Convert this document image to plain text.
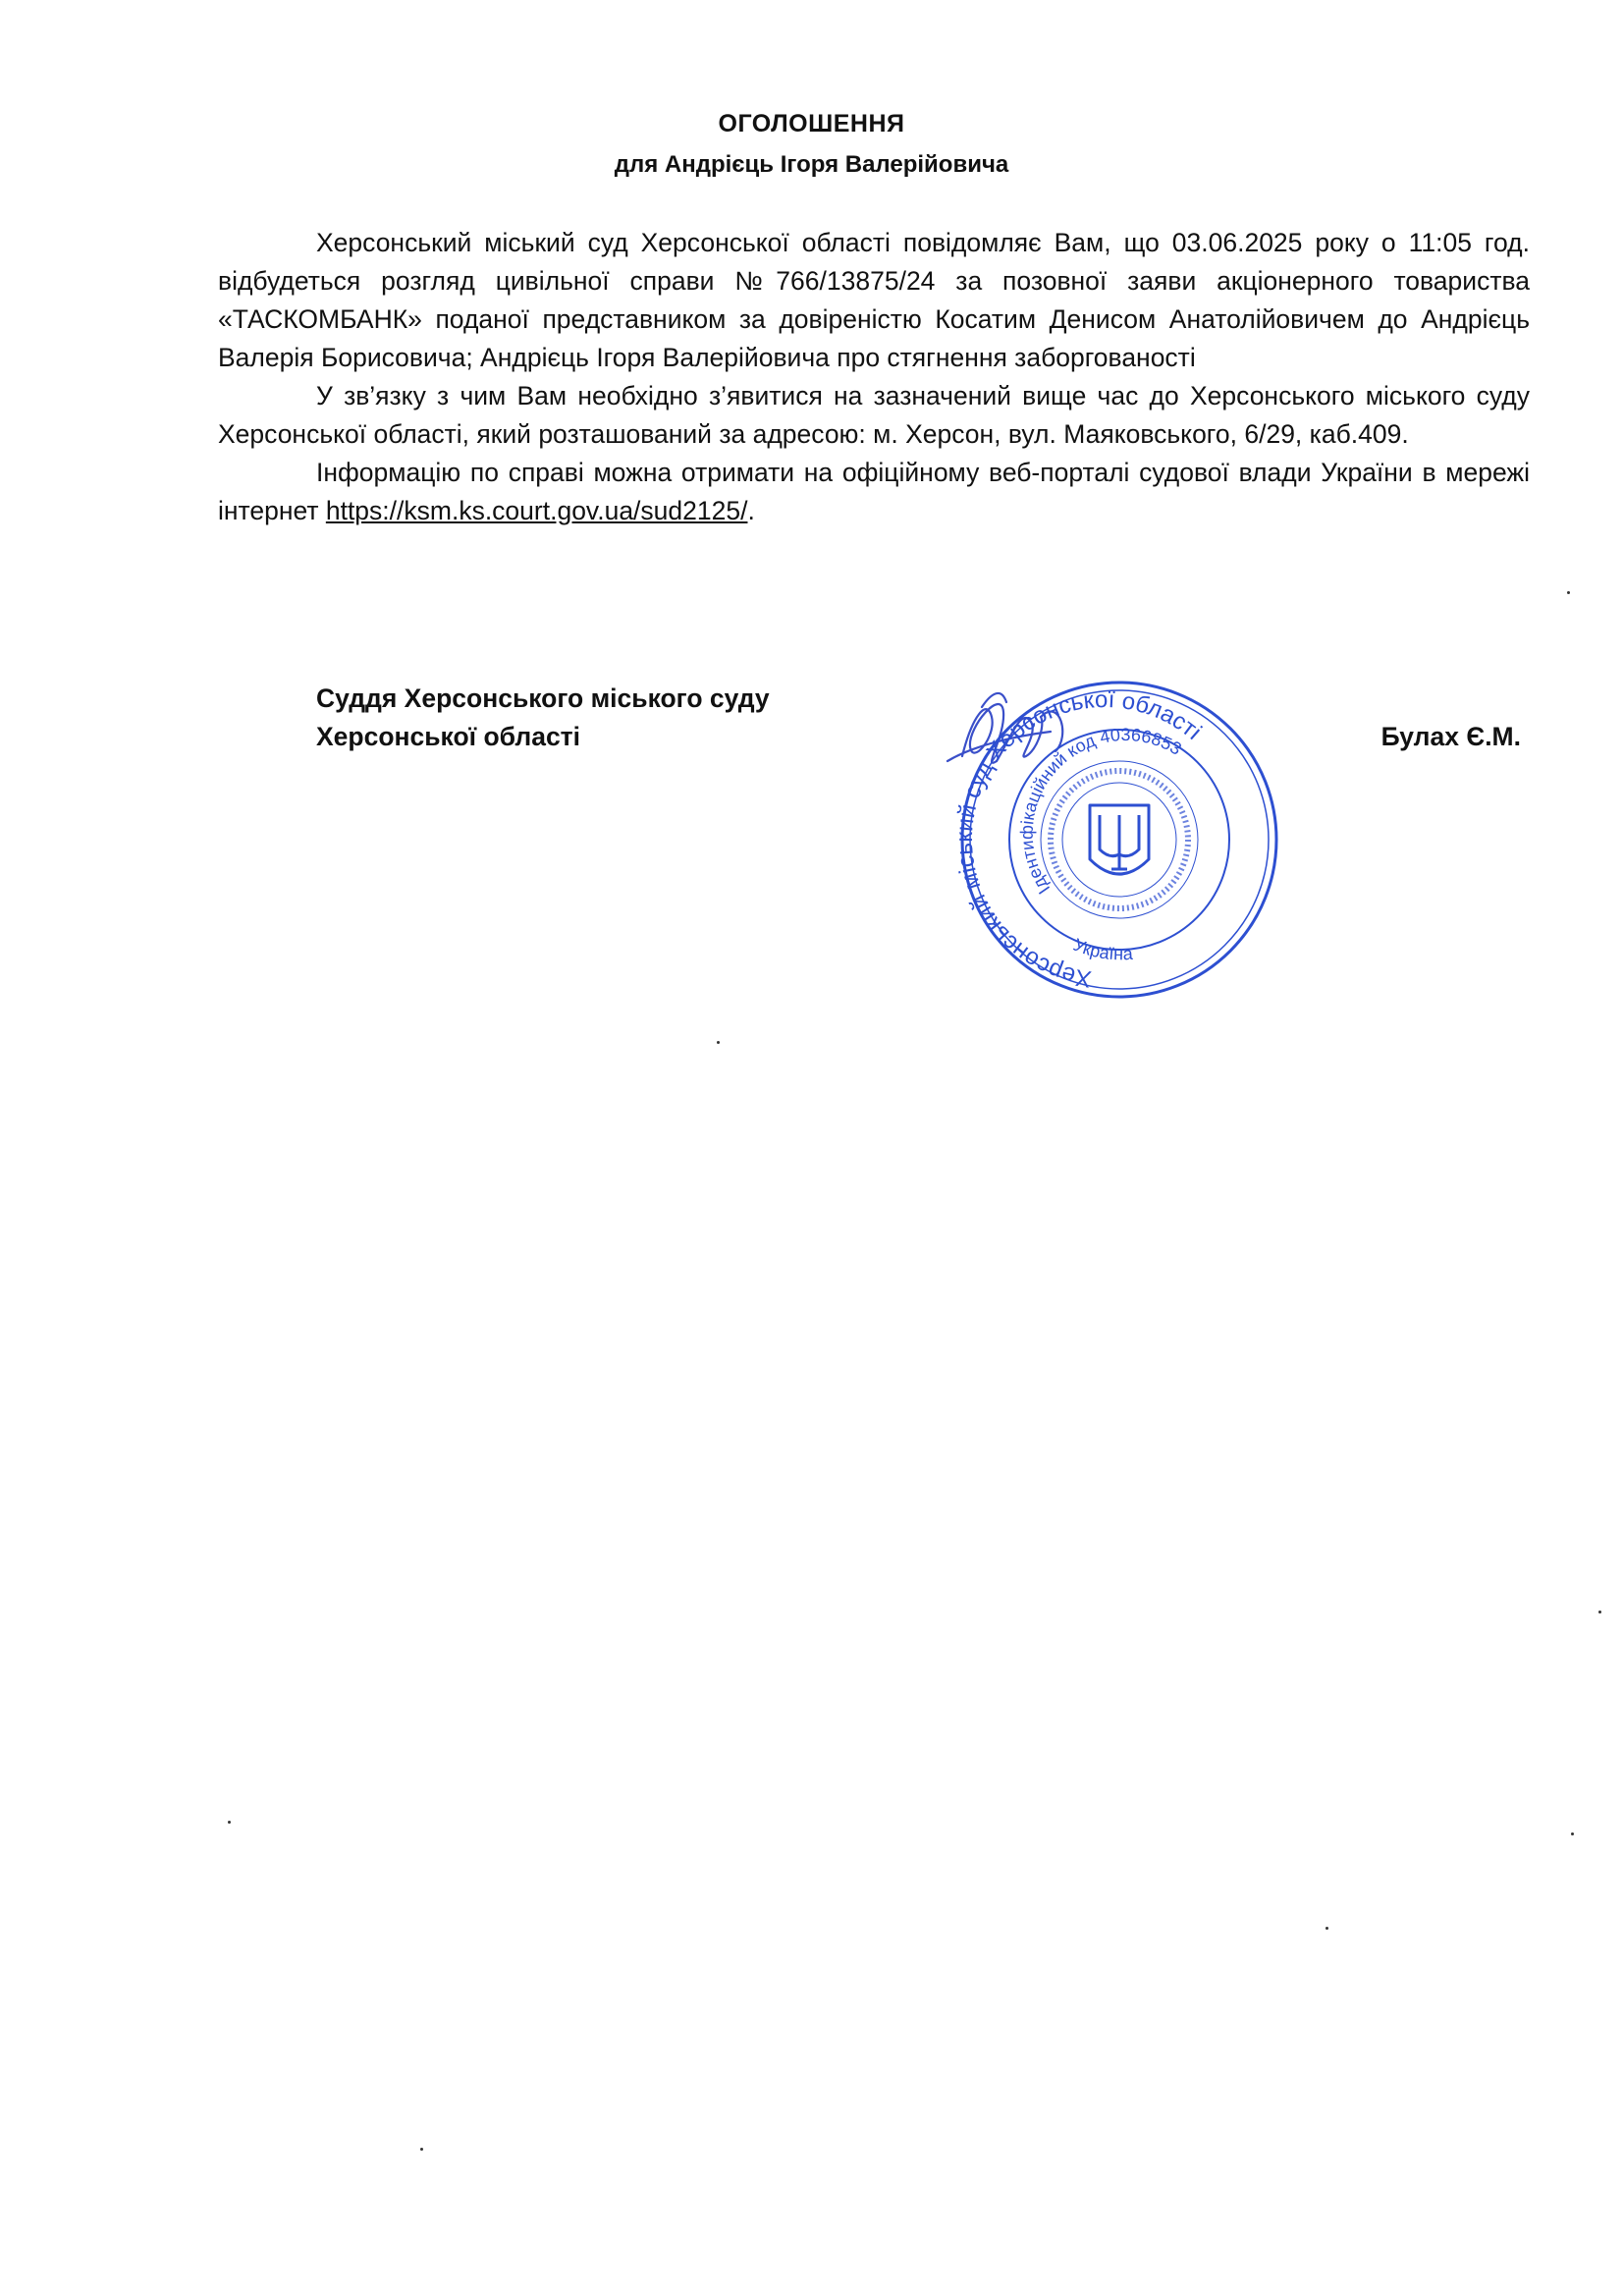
ОГОЛОШЕННЯ
для Андрієць Ігоря Валерійовича

Херсонський міський суд Херсонської області повідомляє Вам, що 03.06.2025 року о 11:05 год. відбудеться розгляд цивільної справи №766/13875/24 за позовної заяви акціонерного товариства «ТАСКОМБАНК» поданої представником за довіреністю Косатим Денисом Анатолійовичем до Андрієць Валерія Борисовича; Андрієць Ігоря Валерійовича про стягнення заборгованості

У зв’язку з чим Вам необхідно з’явитися на зазначений вище час до Херсонського міського суду Херсонської області, який розташований за адресою: м. Херсон, вул. Маяковського, 6/29, каб.409.

Інформацію по справі можна отримати на офіційному веб-порталі судової влади України в мережі інтернет https://ksm.ks.court.gov.ua/sud2125/.

Суддя Херсонського міського суду
Херсонської області	Булах Є.М.
Херсонський міський суд Херсонської області
Ідентифікаційний код 40366853
Україна
